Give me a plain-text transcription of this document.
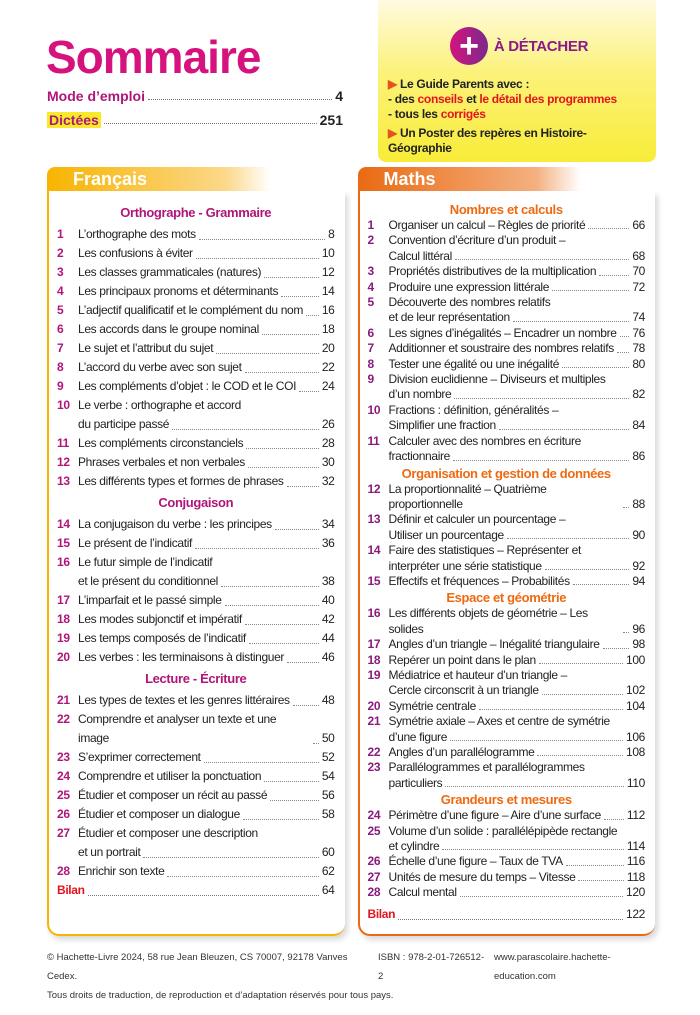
Sommaire
Mode d’emploi	4
Dictées	251
+	À DÉTACHER

▶ Le Guide Parents avec :

- des conseils et le détail des programmes

- tous les corrigés

▶ Un Poster des repères en Histoire-Géographie

Français
Orthographe - Grammaire
1	L’orthographe des mots	8
2	Les confusions à éviter	10
3	Les classes grammaticales (natures)	12
4	Les principaux pronoms et déterminants	14
5	L’adjectif qualificatif et le complément du nom 16
6	Les accords dans le groupe nominal	18
7	Le sujet et l’attribut du sujet	20
8	L’accord du verbe avec son sujet	22
9	Les compléments d’objet : le COD et le COI 24
10 Le verbe : orthographe et accord
du participe passé	26
11 Les compléments circonstanciels	28
12 Phrases verbales et non verbales	30
13 Les différents types et formes de phrases	32
Conjugaison
14 La conjugaison du verbe : les principes	34
15 Le présent de l’indicatif	36
16 Le futur simple de l’indicatif
et le présent du conditionnel	38
17 L’imparfait et le passé simple	40
18 Les modes subjonctif et impératif	42
19 Les temps composés de l’indicatif	44
20 Les verbes : les terminaisons à distinguer	46
Lecture - Écriture
21 Les types de textes et les genres littéraires	48
22 Comprendre et analyser un texte et une image	50
23 S’exprimer correctement	52
24 Comprendre et utiliser la ponctuation	54
25 Étudier et composer un récit au passé	56
26 Étudier et composer un dialogue	58
27 Étudier et composer une description
et un portrait	60
28 Enrichir son texte	62
Bilan	64
Maths
Nombres et calculs
1	Organiser un calcul – Règles de priorité	66
2	Convention d’écriture d’un produit –
Calcul littéral	68
3	Propriétés distributives de la multiplication	70
4	Produire une expression littérale	72
5	Découverte des nombres relatifs
et de leur représentation	74
6	Les signes d’inégalités – Encadrer un nombre 76
7	Additionner et soustraire des nombres relatifs 78
8	Tester une égalité ou une inégalité	80
9	Division euclidienne – Diviseurs et multiples
d’un nombre	82
10 Fractions : définition, généralités –
Simplifier une fraction	84
11 Calculer avec des nombres en écriture
fractionnaire	86
Organisation et gestion de données
12 La proportionnalité – Quatrième proportionnelle	88
13 Définir et calculer un pourcentage –
Utiliser un pourcentage	90
14 Faire des statistiques – Représenter et
interpréter une série statistique	92
15 Effectifs et fréquences – Probabilités	94
Espace et géométrie
16 Les différents objets de géométrie – Les solides	96
17 Angles d’un triangle – Inégalité triangulaire	98
18 Repérer un point dans le plan	100
19 Médiatrice et hauteur d’un triangle –
Cercle circonscrit à un triangle	102
20 Symétrie centrale	104
21 Symétrie axiale – Axes et centre de symétrie
d’une figure	106
22 Angles d’un parallélogramme	108
23 Parallélogrammes et parallélogrammes
particuliers	110
Grandeurs et mesures
24 Périmètre d’une figure – Aire d’une surface 112
25 Volume d’un solide : parallélépipède rectangle
et cylindre	114
26 Échelle d’une figure – Taux de TVA	116
27 Unités de mesure du temps – Vitesse	118
28 Calcul mental	120
Bilan	122
© Hachette-Livre 2024, 58 rue Jean Bleuzen, CS 70007, 92178 Vanves Cedex.
ISBN : 978-2-01-726512-2
www.parascolaire.hachette-education.com
Tous droits de traduction, de reproduction et d’adaptation réservés pour tous pays.
